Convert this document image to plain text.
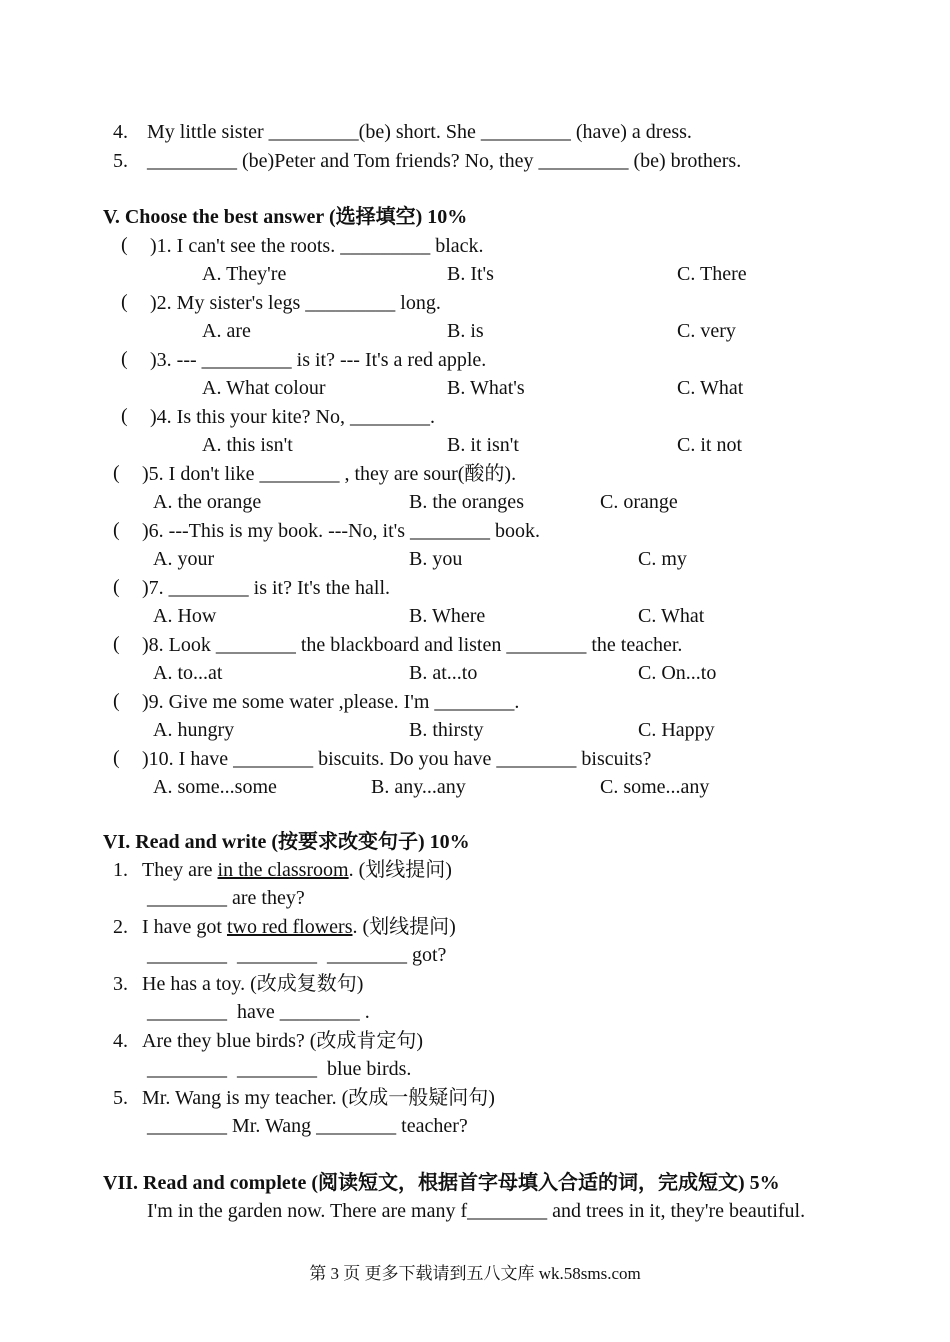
4. My little sister _________(be) short. She _________ (have) a dress.
5. _________ (be)Peter and Tom friends? No, they _________ (be) brothers.
V. Choose the best answer (选择填空) 10%
( )1. I can't see the roots. _________ black.
A. They're	B. It's	C. There
( )2. My sister's legs _________ long.
A. are	B. is	C. very
( )3. --- _________ is it? --- It's a red apple.
A. What colour	B. What's	C. What
( )4. Is this your kite? No, ________.
A. this isn't	B. it isn't	C. it not
( )5. I don't like ________ , they are sour(酸的).
A. the orange	B. the oranges	C. orange
( )6. ---This is my book. ---No, it's ________ book.
A. your	B. you	C. my
( )7. ________ is it? It's the hall.
A. How	B. Where	C. What
( )8. Look ________ the blackboard and listen ________ the teacher.
A. to...at	B. at...to	C. On...to
( )9. Give me some water ,please. I'm ________.
A. hungry	B. thirsty	C. Happy
( )10. I have ________ biscuits. Do you have ________ biscuits?
A. some...some	B. any...any	C. some...any
VI. Read and write (按要求改变句子) 10%
1. They are in the classroom. (划线提问)
________ are they?
2. I have got two red flowers. (划线提问)
________  ________  ________ got?
3. He has a toy. (改成复数句)
________  have ________ .
4. Are they blue birds? (改成肯定句)
________  ________  blue birds.
5. Mr. Wang is my teacher. (改成一般疑问句)
________ Mr. Wang ________ teacher?
VII. Read and complete (阅读短文，根据首字母填入合适的词，完成短文) 5%
I'm in the garden now. There are many f________ and trees in it, they're beautiful.
第 3 页 更多下载请到五八文库 wk.58sms.com
